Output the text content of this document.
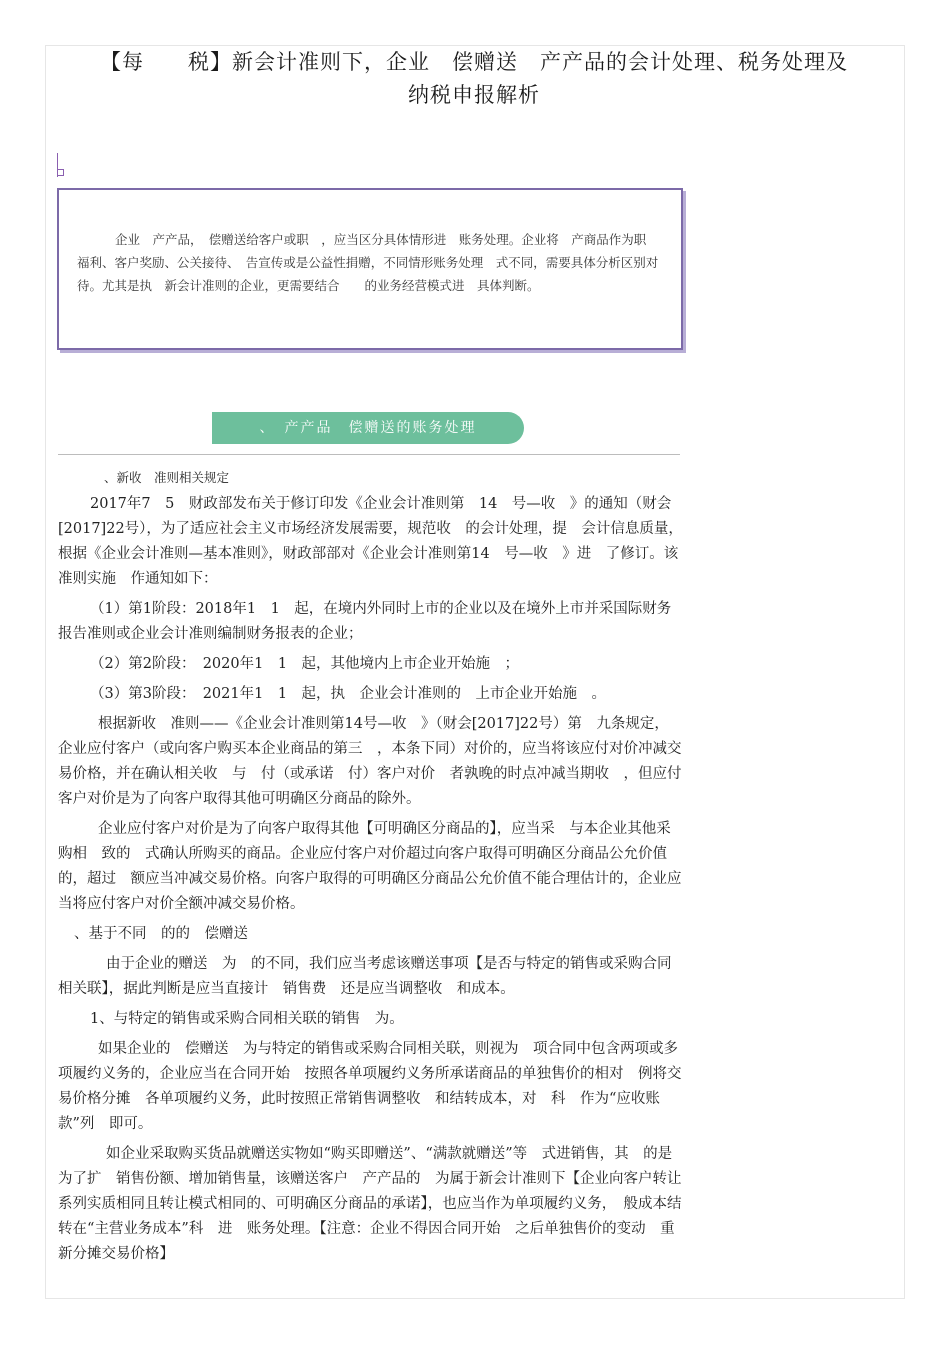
【每　　税】新会计准则下，企业　偿赠送　产产品的会计处理、税务处理及
纳税申报解析
企业　产产品，　偿赠送给客户或职　，应当区分具体情形进　账务处理。企业将　产商品作为职　福利、客户奖励、公关接待、　告宣传或是公益性捐赠，不同情形账务处理　式不同，需要具体分析区别对待。尤其是执　新会计准则的企业，更需要结合　　的业务经营模式进　具体判断。
、　产产品　偿赠送的账务处理

、新收　准则相关规定

2017年7　5　财政部发布关于修订印发《企业会计准则第　14　号—收　》的通知（财会[2017]22号），为了适应社会主义市场经济发展需要，规范收　的会计处理，提　会计信息质量，根据《企业会计准则—基本准则》，财政部部对《企业会计准则第14　号—收　》进　了修订。该准则实施　作通知如下：

（1）第1阶段：2018年1　1　起，在境内外同时上市的企业以及在境外上市并采国际财务报告准则或企业会计准则编制财务报表的企业；

（2）第2阶段：　2020年1　1　起，其他境内上市企业开始施　；

（3）第3阶段：　2021年1　1　起，执　企业会计准则的　上市企业开始施　。

根据新收　准则——《企业会计准则第14号—收　》（财会[2017]22号）第　九条规定，企业应付客户（或向客户购买本企业商品的第三　，本条下同）对价的，应当将该应付对价冲减交易价格，并在确认相关收　与　付（或承诺　付）客户对价　者孰晚的时点冲减当期收　，但应付客户对价是为了向客户取得其他可明确区分商品的除外。

企业应付客户对价是为了向客户取得其他【可明确区分商品的】，应当采　与本企业其他采购相　致的　式确认所购买的商品。企业应付客户对价超过向客户取得可明确区分商品公允价值的，超过　额应当冲减交易价格。向客户取得的可明确区分商品公允价值不能合理估计的，企业应当将应付客户对价全额冲减交易价格。

、基于不同　的的　偿赠送

由于企业的赠送　为　的不同，我们应当考虑该赠送事项【是否与特定的销售或采购合同相关联】，据此判断是应当直接计　销售费　还是应当调整收　和成本。

1、与特定的销售或采购合同相关联的销售　为。

如果企业的　偿赠送　为与特定的销售或采购合同相关联，则视为　项合同中包含两项或多项履约义务的，企业应当在合同开始　按照各单项履约义务所承诺商品的单独售价的相对　例将交易价格分摊　各单项履约义务，此时按照正常销售调整收　和结转成本，对　科　作为“应收账款”列　即可。

如企业采取购买货品就赠送实物如“购买即赠送”、“满款就赠送”等　式进销售，其　的是为了扩　销售份额、增加销售量，该赠送客户　产产品的　为属于新会计准则下【企业向客户转让　系列实质相同且转让模式相同的、可明确区分商品的承诺】，也应当作为单项履约义务，　般成本结转在“主营业务成本”科　进　账务处理。【注意：企业不得因合同开始　之后单独售价的变动　重新分摊交易价格】
